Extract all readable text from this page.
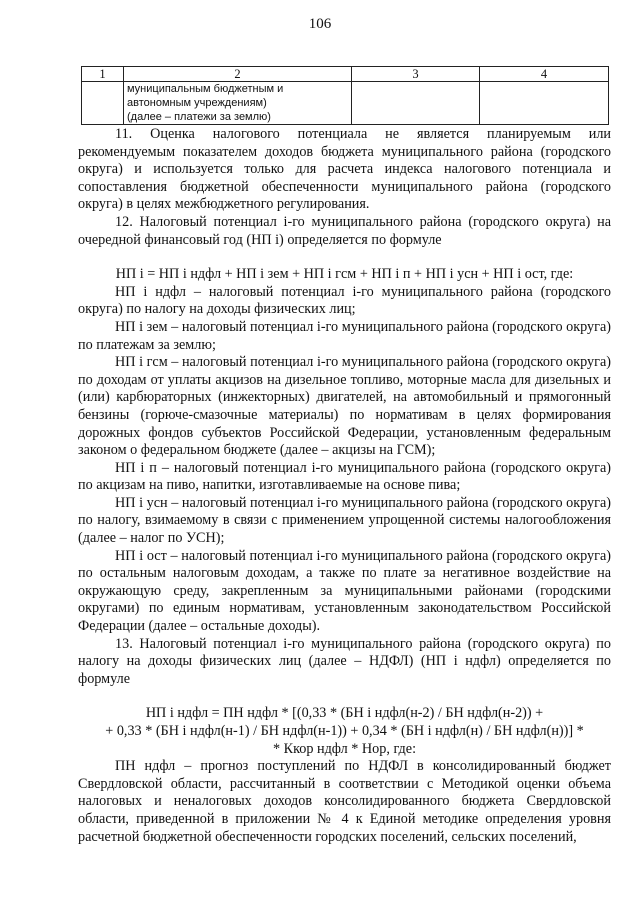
106
1	2	3	4

	муниципальным бюджетным и
автономным учреждениям)
(далее – платежи за землю)		

11. Оценка налогового потенциала не является планируемым или рекомендуемым показателем доходов бюджета муниципального района (городского округа) и используется только для расчета индекса налогового потенциала и сопоставления бюджетной обеспеченности муниципального района (городского округа) в целях межбюджетного регулирования.

12. Налоговый потенциал i-го муниципального района (городского округа) на очередной финансовый год (НП i) определяется по формуле

НП i = НП i ндфл + НП i зем + НП i гсм + НП i п + НП i усн + НП i ост, где:

НП i ндфл – налоговый потенциал i-го муниципального района (городского округа) по налогу на доходы физических лиц;

НП i зем – налоговый потенциал i-го муниципального района (городского округа) по платежам за землю;

НП i гсм – налоговый потенциал i-го муниципального района (городского округа) по доходам от уплаты акцизов на дизельное топливо, моторные масла для дизельных и (или) карбюраторных (инжекторных) двигателей, на автомобильный и прямогонный бензины (горюче-смазочные материалы) по нормативам в целях формирования дорожных фондов субъектов Российской Федерации, установленным федеральным законом о федеральном бюджете (далее – акцизы на ГСМ);

НП i п – налоговый потенциал i-го муниципального района (городского округа) по акцизам на пиво, напитки, изготавливаемые на основе пива;

НП i усн – налоговый потенциал i-го муниципального района (городского округа) по налогу, взимаемому в связи с применением упрощенной системы налогообложения (далее – налог по УСН);

НП i ост – налоговый потенциал i-го муниципального района (городского округа) по остальным налоговым доходам, а также по плате за негативное воздействие на окружающую среду, закрепленным за муниципальными районами (городскими округами) по единым нормативам, установленным законодательством Российской Федерации (далее – остальные доходы).

13. Налоговый потенциал i-го муниципального района (городского округа) по налогу на доходы физических лиц (далее – НДФЛ) (НП i ндфл) определяется по формуле

НП i ндфл = ПН ндфл * [(0,33 * (БН i ндфл(н-2) / БН ндфл(н-2)) +

+ 0,33 * (БН i ндфл(н-1) / БН ндфл(н-1)) + 0,34 * (БН i ндфл(н) / БН ндфл(н))] *

* Ккор ндфл * Нор, где:

ПН ндфл – прогноз поступлений по НДФЛ в консолидированный бюджет Свердловской области, рассчитанный в соответствии с Методикой оценки объема налоговых и неналоговых доходов консолидированного бюджета Свердловской области, приведенной в приложении № 4 к Единой методике определения уровня расчетной бюджетной обеспеченности городских поселений, сельских поселений,
